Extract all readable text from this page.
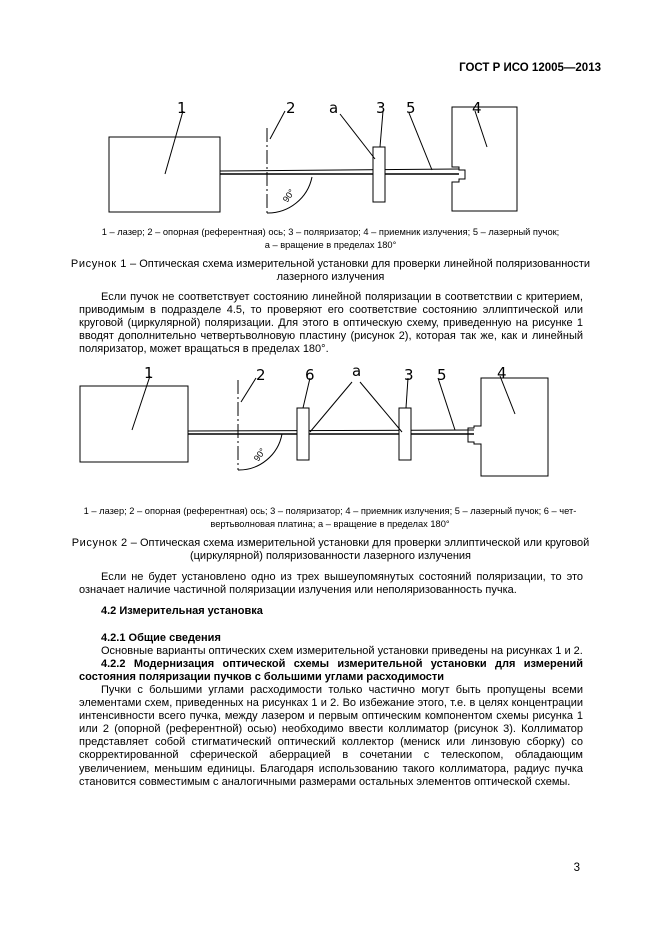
ГОСТ Р ИСО 12005—2013
1	2 a	3 5	4
90°
1 – лазер; 2 – опорная (референтная) ось; 3 – поляризатор; 4 – приемник излучения; 5 – лазерный пучок;
a – вращение в пределах 180°
Рисунок 1 – Оптическая схема измерительной установки для проверки линейной поляризованности
лазерного излучения
Если пучок не соответствует состоянию линейной поляризации в соответствии с критерием, приводимым в подразделе 4.5, то проверяют его соответствие состоянию эллиптической или круговой (циркулярной) поляризации. Для этого в оптическую схему, приведенную на рисунке 1 вводят дополнительно четвертьволновую пластину (рисунок 2), которая так же, как и линейный поляризатор, может вращаться в пределах 180°.
1	2	6 a	3 5	4
90°
1 – лазер; 2 – опорная (референтная) ось; 3 – поляризатор; 4 – приемник излучения; 5 – лазерный пучок; 6 – чет-
вертьволновая платина; a – вращение в пределах 180°
Рисунок 2 – Оптическая схема измерительной установки для проверки эллиптической или круговой
(циркулярной) поляризованности лазерного излучения
Если не будет установлено одно из трех вышеупомянутых состояний поляризации, то это означает наличие частичной поляризации излучения или неполяризованность пучка.
4.2 Измерительная установка
4.2.1 Общие сведения
Основные варианты оптических схем измерительной установки приведены на рисунках 1 и 2.
4.2.2 Модернизация оптической схемы измерительной установки для измерений состояния поляризации пучков с большими углами расходимости
Пучки с большими углами расходимости только частично могут быть пропущены всеми элементами схем, приведенных на рисунках 1 и 2. Во избежание этого, т.е. в целях концентрации интенсивности всего пучка, между лазером и первым оптическим компонентом схемы рисунка 1 или 2 (опорной (референтной) осью) необходимо ввести коллиматор (рисунок 3). Коллиматор представляет собой стигматический оптический коллектор (мениск или линзовую сборку) со скорректированной сферической аберрацией в сочетании с телескопом, обладающим увеличением, меньшим единицы. Благодаря использованию такого коллиматора, радиус пучка становится совместимым с аналогичными размерами остальных элементов оптической схемы.
3
